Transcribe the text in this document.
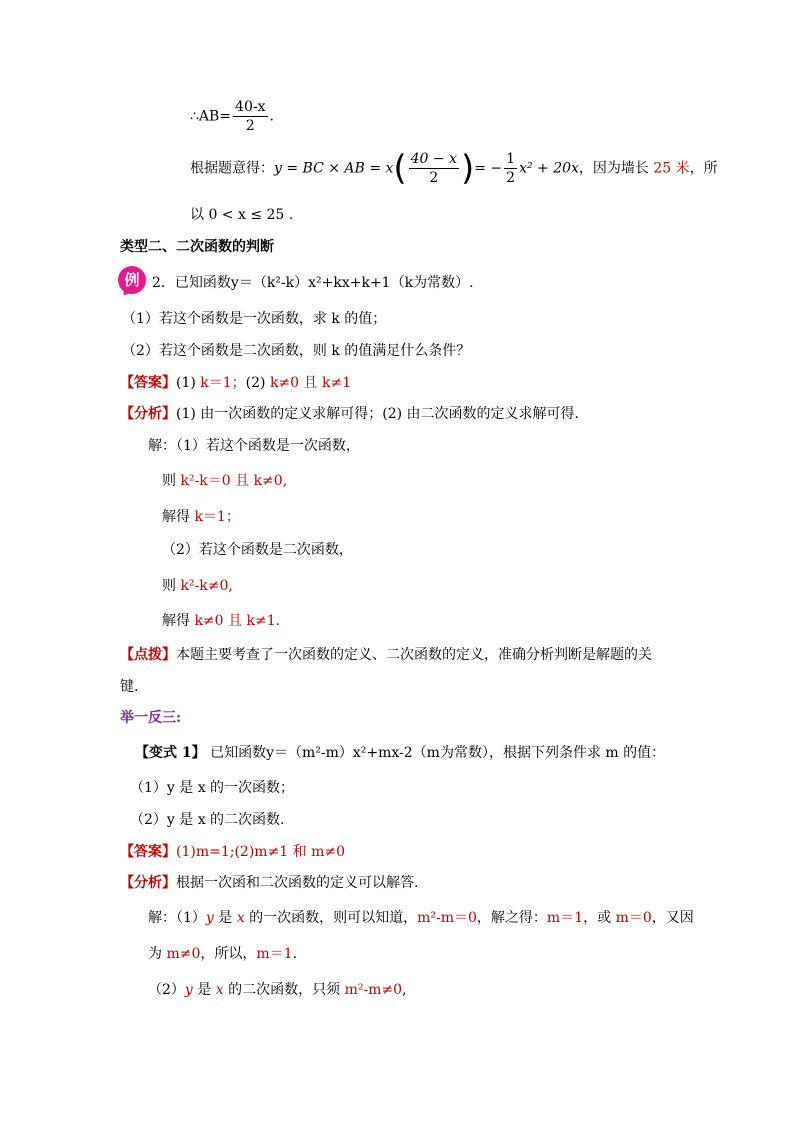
∴AB= $\frac{40-x}{2}$ .
根据题意得：y = BC × AB = $x( \frac{40 - x}{2}$ )= − $\frac{1}{2} x^2 + 20x$，因为墙长 25 米，所
以 0 < x ≤ 25 .
类型二、二次函数的判断
例 2．已知函数y＝（k²-k）x²+kx+k+1（k为常数）.
（1）若这个函数是一次函数，求 k 的值；
（2）若这个函数是二次函数，则 k 的值满足什么条件？
【答案】(1) k＝1；(2) k≠0 且 k≠1
【分析】(1) 由一次函数的定义求解可得；(2) 由二次函数的定义求解可得.
解：（1）若这个函数是一次函数，
则 k²-k＝0 且 k≠0,
解得 k＝1；
（2）若这个函数是二次函数，
则 k²-k≠0,
解得 k≠0 且 k≠1.
【点拨】本题主要考查了一次函数的定义、二次函数的定义，准确分析判断是解题的关
键.
举一反三:
【变式 1】 已知函数y＝（m²-m）x²+mx-2（m为常数），根据下列条件求 m 的值：
（1）y 是 x 的一次函数；
（2）y 是 x 的二次函数.
【答案】(1)m=1;(2)m≠1 和 m≠0
【分析】根据一次函和二次函数的定义可以解答.
解：（1）y 是 x 的一次函数，则可以知道，m²-m＝0，解之得：m＝1，或 m＝0，又因
为 m≠0，所以，m＝1.
（2）y 是 x 的二次函数，只须 m²-m≠0,
